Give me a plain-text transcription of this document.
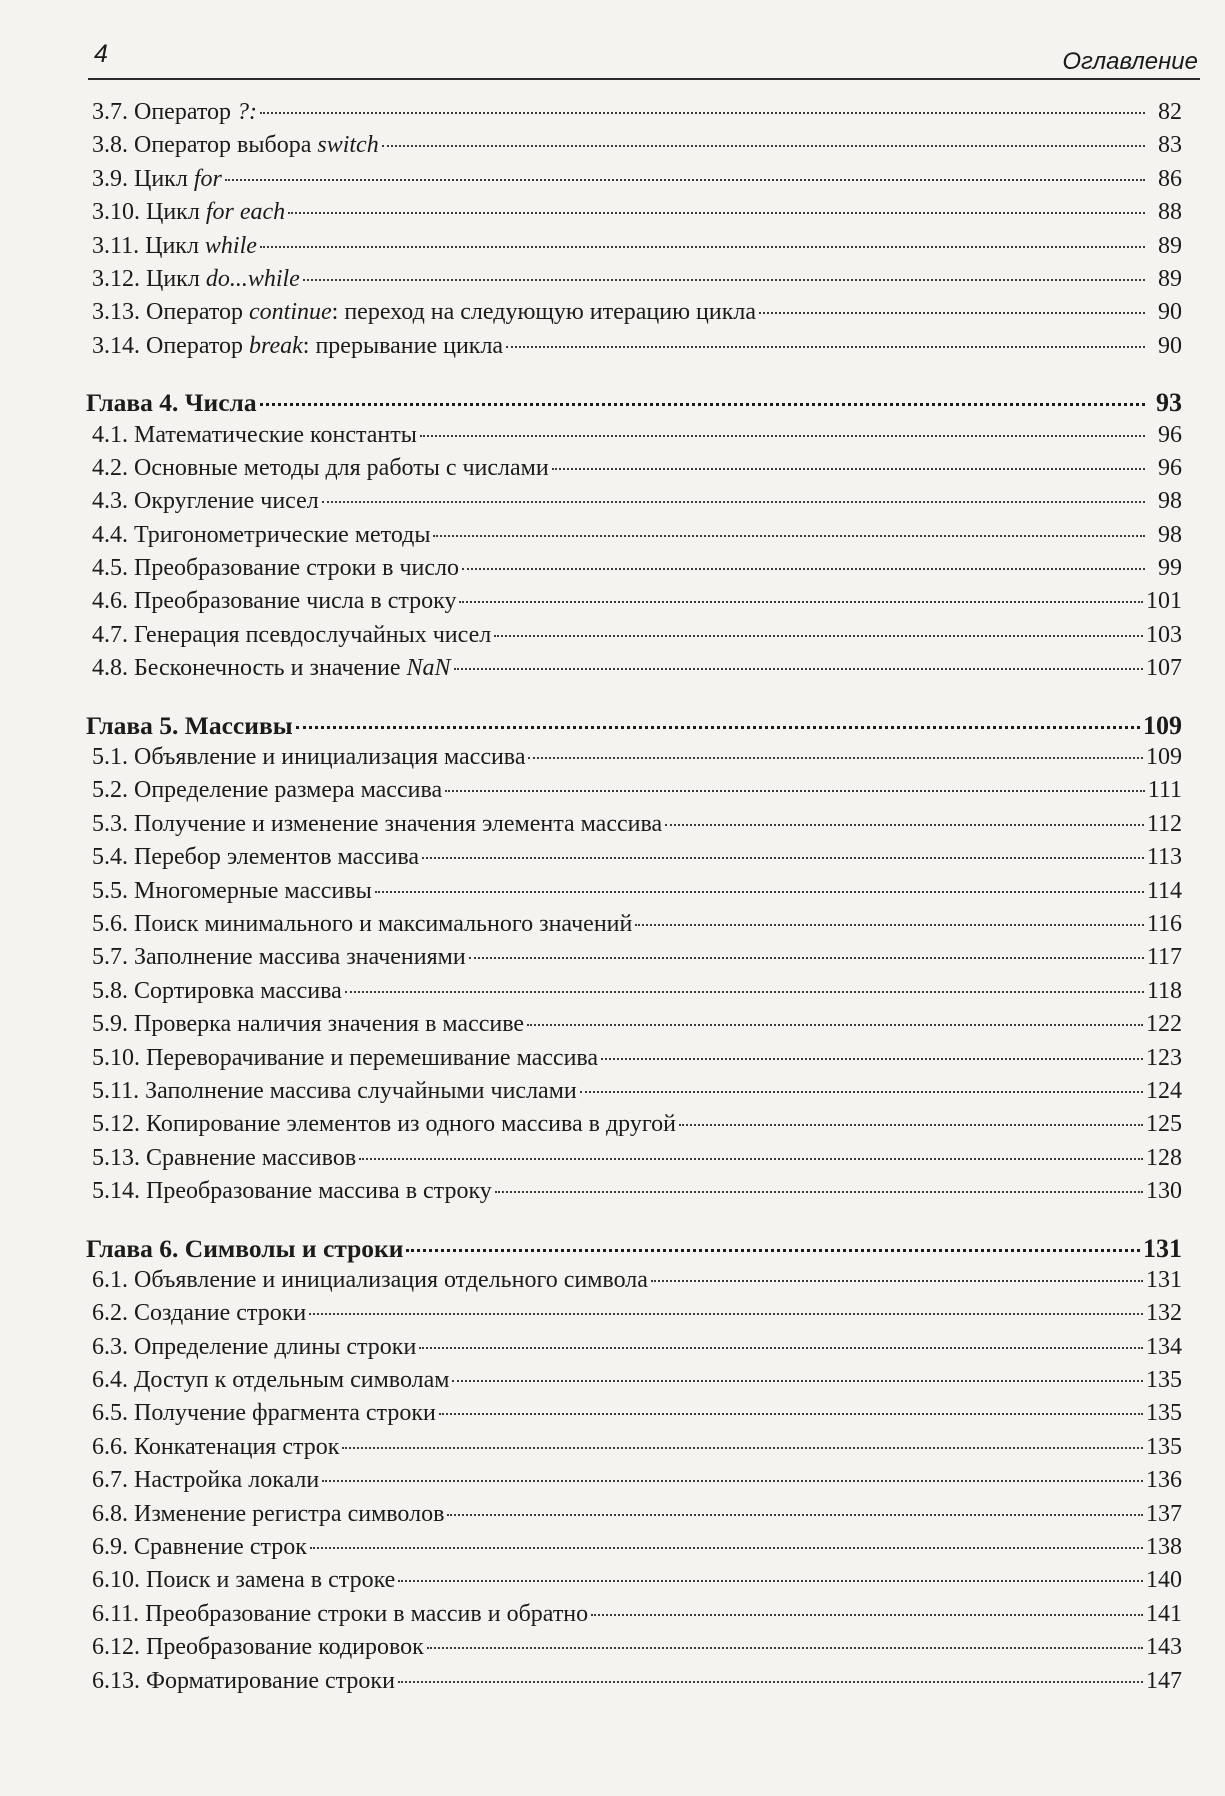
4	Оглавление
3.7. Оператор ?:	82
3.8. Оператор выбора switch	83
3.9. Цикл for	86
3.10. Цикл for each	88
3.11. Цикл while	89
3.12. Цикл do...while	89
3.13. Оператор continue: переход на следующую итерацию цикла	90
3.14. Оператор break: прерывание цикла	90
Глава 4. Числа	93
4.1. Математические константы	96
4.2. Основные методы для работы с числами	96
4.3. Округление чисел	98
4.4. Тригонометрические методы	98
4.5. Преобразование строки в число	99
4.6. Преобразование числа в строку	101
4.7. Генерация псевдослучайных чисел	103
4.8. Бесконечность и значение NaN	107
Глава 5. Массивы	109
5.1. Объявление и инициализация массива	109
5.2. Определение размера массива	111
5.3. Получение и изменение значения элемента массива	112
5.4. Перебор элементов массива	113
5.5. Многомерные массивы	114
5.6. Поиск минимального и максимального значений	116
5.7. Заполнение массива значениями	117
5.8. Сортировка массива	118
5.9. Проверка наличия значения в массиве	122
5.10. Переворачивание и перемешивание массива	123
5.11. Заполнение массива случайными числами	124
5.12. Копирование элементов из одного массива в другой	125
5.13. Сравнение массивов	128
5.14. Преобразование массива в строку	130
Глава 6. Символы и строки	131
6.1. Объявление и инициализация отдельного символа	131
6.2. Создание строки	132
6.3. Определение длины строки	134
6.4. Доступ к отдельным символам	135
6.5. Получение фрагмента строки	135
6.6. Конкатенация строк	135
6.7. Настройка локали	136
6.8. Изменение регистра символов	137
6.9. Сравнение строк	138
6.10. Поиск и замена в строке	140
6.11. Преобразование строки в массив и обратно	141
6.12. Преобразование кодировок	143
6.13. Форматирование строки	147
